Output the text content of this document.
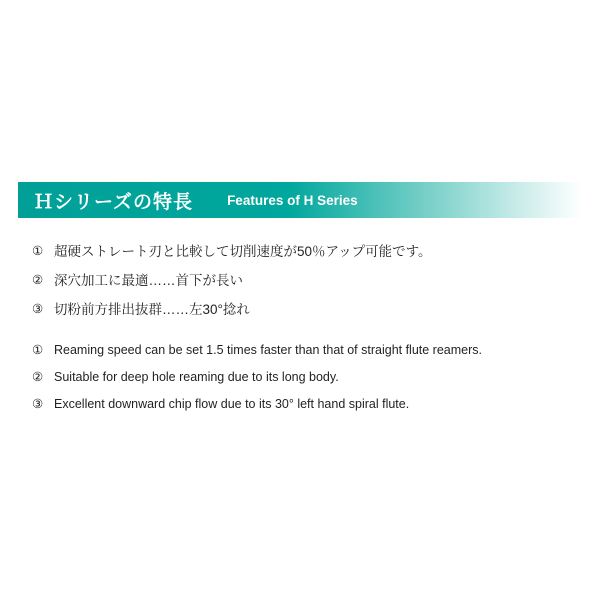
Ｈシリーズの特長	Features of H Series
① 超硬ストレート刃と比較して切削速度が50％アップ可能です。
② 深穴加工に最適……首下が長い
③ 切粉前方排出抜群……左30°捻れ
① Reaming speed can be set 1.5 times faster than that of straight flute reamers.
② Suitable for deep hole reaming due to its long body.
③ Excellent downward chip flow due to its 30° left hand spiral flute.
